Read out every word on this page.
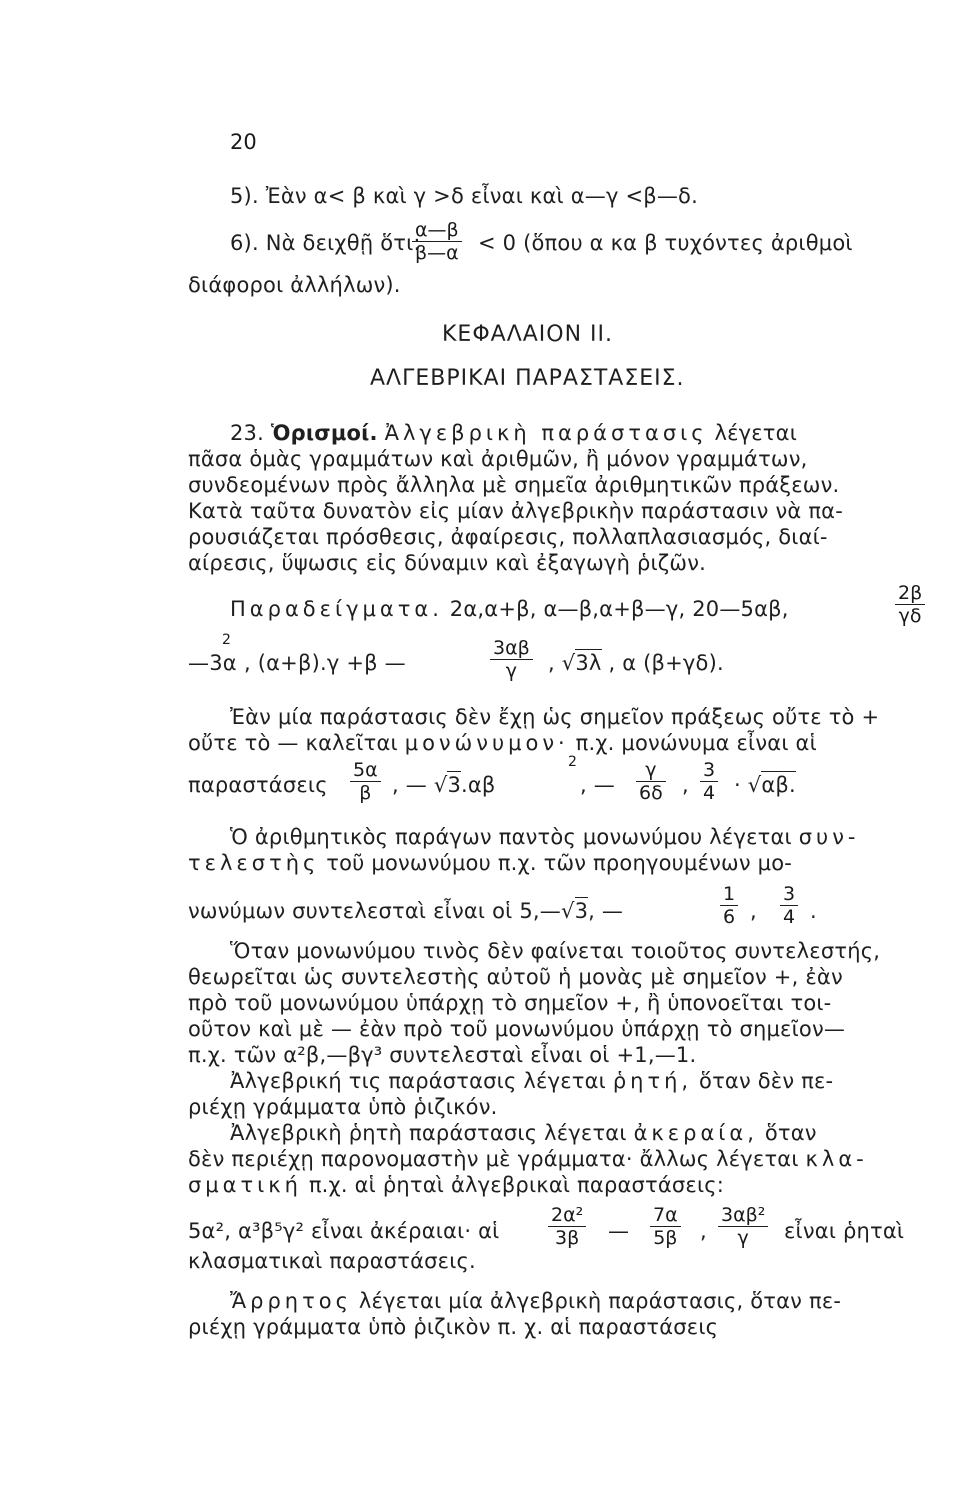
20
5). Ἐὰν α< β καὶ γ >δ εἶναι καὶ α—γ <β—δ.
6). Νὰ δειχθῇ ὅτι:
$\frac{\alpha—\beta}{\beta—\alpha} < 0$ (ὅπου α κα β τυχόντες ἀριθμοὶ
διάφοροι ἀλλήλων).
ΚΕΦΑΛΑΙΟΝ ΙΙ.
ΑΛΓΕΒΡΙΚΑΙ ΠΑΡΑΣΤΑΣΕΙΣ.
23. Ὁρισμοί. Ἀλγεβρικὴ παράστασις λέγεται
πᾶσα ὁμὰς γραμμάτων καὶ ἀριθμῶν, ἢ μόνον γραμμάτων,
συνδεομένων πρὸς ἄλληλα μὲ σημεῖα ἀριθμητικῶν πράξεων.
Κατὰ ταῦτα δυνατὸν εἰς μίαν ἀλγεβρικὴν παράστασιν νὰ πα-
ρουσιάζεται πρόσθεσις, ἀφαίρεσις, πολλαπλασιασμός, διαί-
αίρεσις, ὕψωσις εἰς δύναμιν καὶ ἐξαγωγὴ ῥιζῶν.
Παραδείγματα. 2α,α+β, α—β,α+β—γ, 20—5αβ,	$\frac{2\beta}{\gamma\delta}$
—3α
2
, (α+β).γ +β —	$\frac{3\alpha\beta}{\gamma}$ , √3λ , α (β+γδ).
Ἐὰν μία παράστασις δὲν ἔχῃ ὡς σημεῖον πράξεως οὔτε τὸ +
οὔτε τὸ — καλεῖται μονώνυμον· π.χ. μονώνυμα εἶναι αἱ
παραστάσεις $\frac{5\alpha}{\beta}$ , — √3.αβ
2
, — $\frac{\gamma}{6\delta}$ , $\frac{3}{4} \cdot √\alpha\beta$.
Ὁ ἀριθμητικὸς παράγων παντὸς μονωνύμου λέγεται συν-
τελεστὴς τοῦ μονωνύμου π.χ. τῶν προηγουμένων μο-
νωνύμων συντελεσταὶ εἶναι οἱ 5,—√3, —	$\frac{1}{6}$ , $\frac{3}{4}$ .
Ὅταν μονωνύμου τινὸς δὲν φαίνεται τοιοῦτος συντελεστής,
θεωρεῖται ὡς συντελεστὴς αὐτοῦ ἡ μονὰς μὲ σημεῖον +, ἐὰν
πρὸ τοῦ μονωνύμου ὑπάρχῃ τὸ σημεῖον +, ἢ ὑπονοεῖται τοι-
οῦτον καὶ μὲ — ἐὰν πρὸ τοῦ μονωνύμου ὑπάρχῃ τὸ σημεῖον—
π.χ. τῶν α²β,—βγ³ συντελεσταὶ εἶναι οἱ +1,—1.
Ἀλγεβρική τις παράστασις λέγεται ῥητή, ὅταν δὲν πε-
ριέχῃ γράμματα ὑπὸ ῥιζικόν.
Ἀλγεβρικὴ ῥητὴ παράστασις λέγεται ἀκεραία, ὅταν
δὲν περιέχῃ παρονομαστὴν μὲ γράμματα· ἄλλως λέγεται κλα-
σματική π.χ. αἱ ῥηταὶ ἀλγεβρικαὶ παραστάσεις:
5α², α³β⁵γ² εἶναι ἀκέραιαι· αἱ	$\frac{\text{2α²}}{3\beta}$ — $\frac{7\alpha}{5\beta}$ , $\frac{\text{3αβ²}}{\gamma}$ εἶναι ῥηταὶ
κλασματικαὶ παραστάσεις.
Ἄρρητος λέγεται μία ἀλγεβρικὴ παράστασις, ὅταν πε-
ριέχῃ γράμματα ὑπὸ ῥιζικὸν π. χ. αἱ παραστάσεις
